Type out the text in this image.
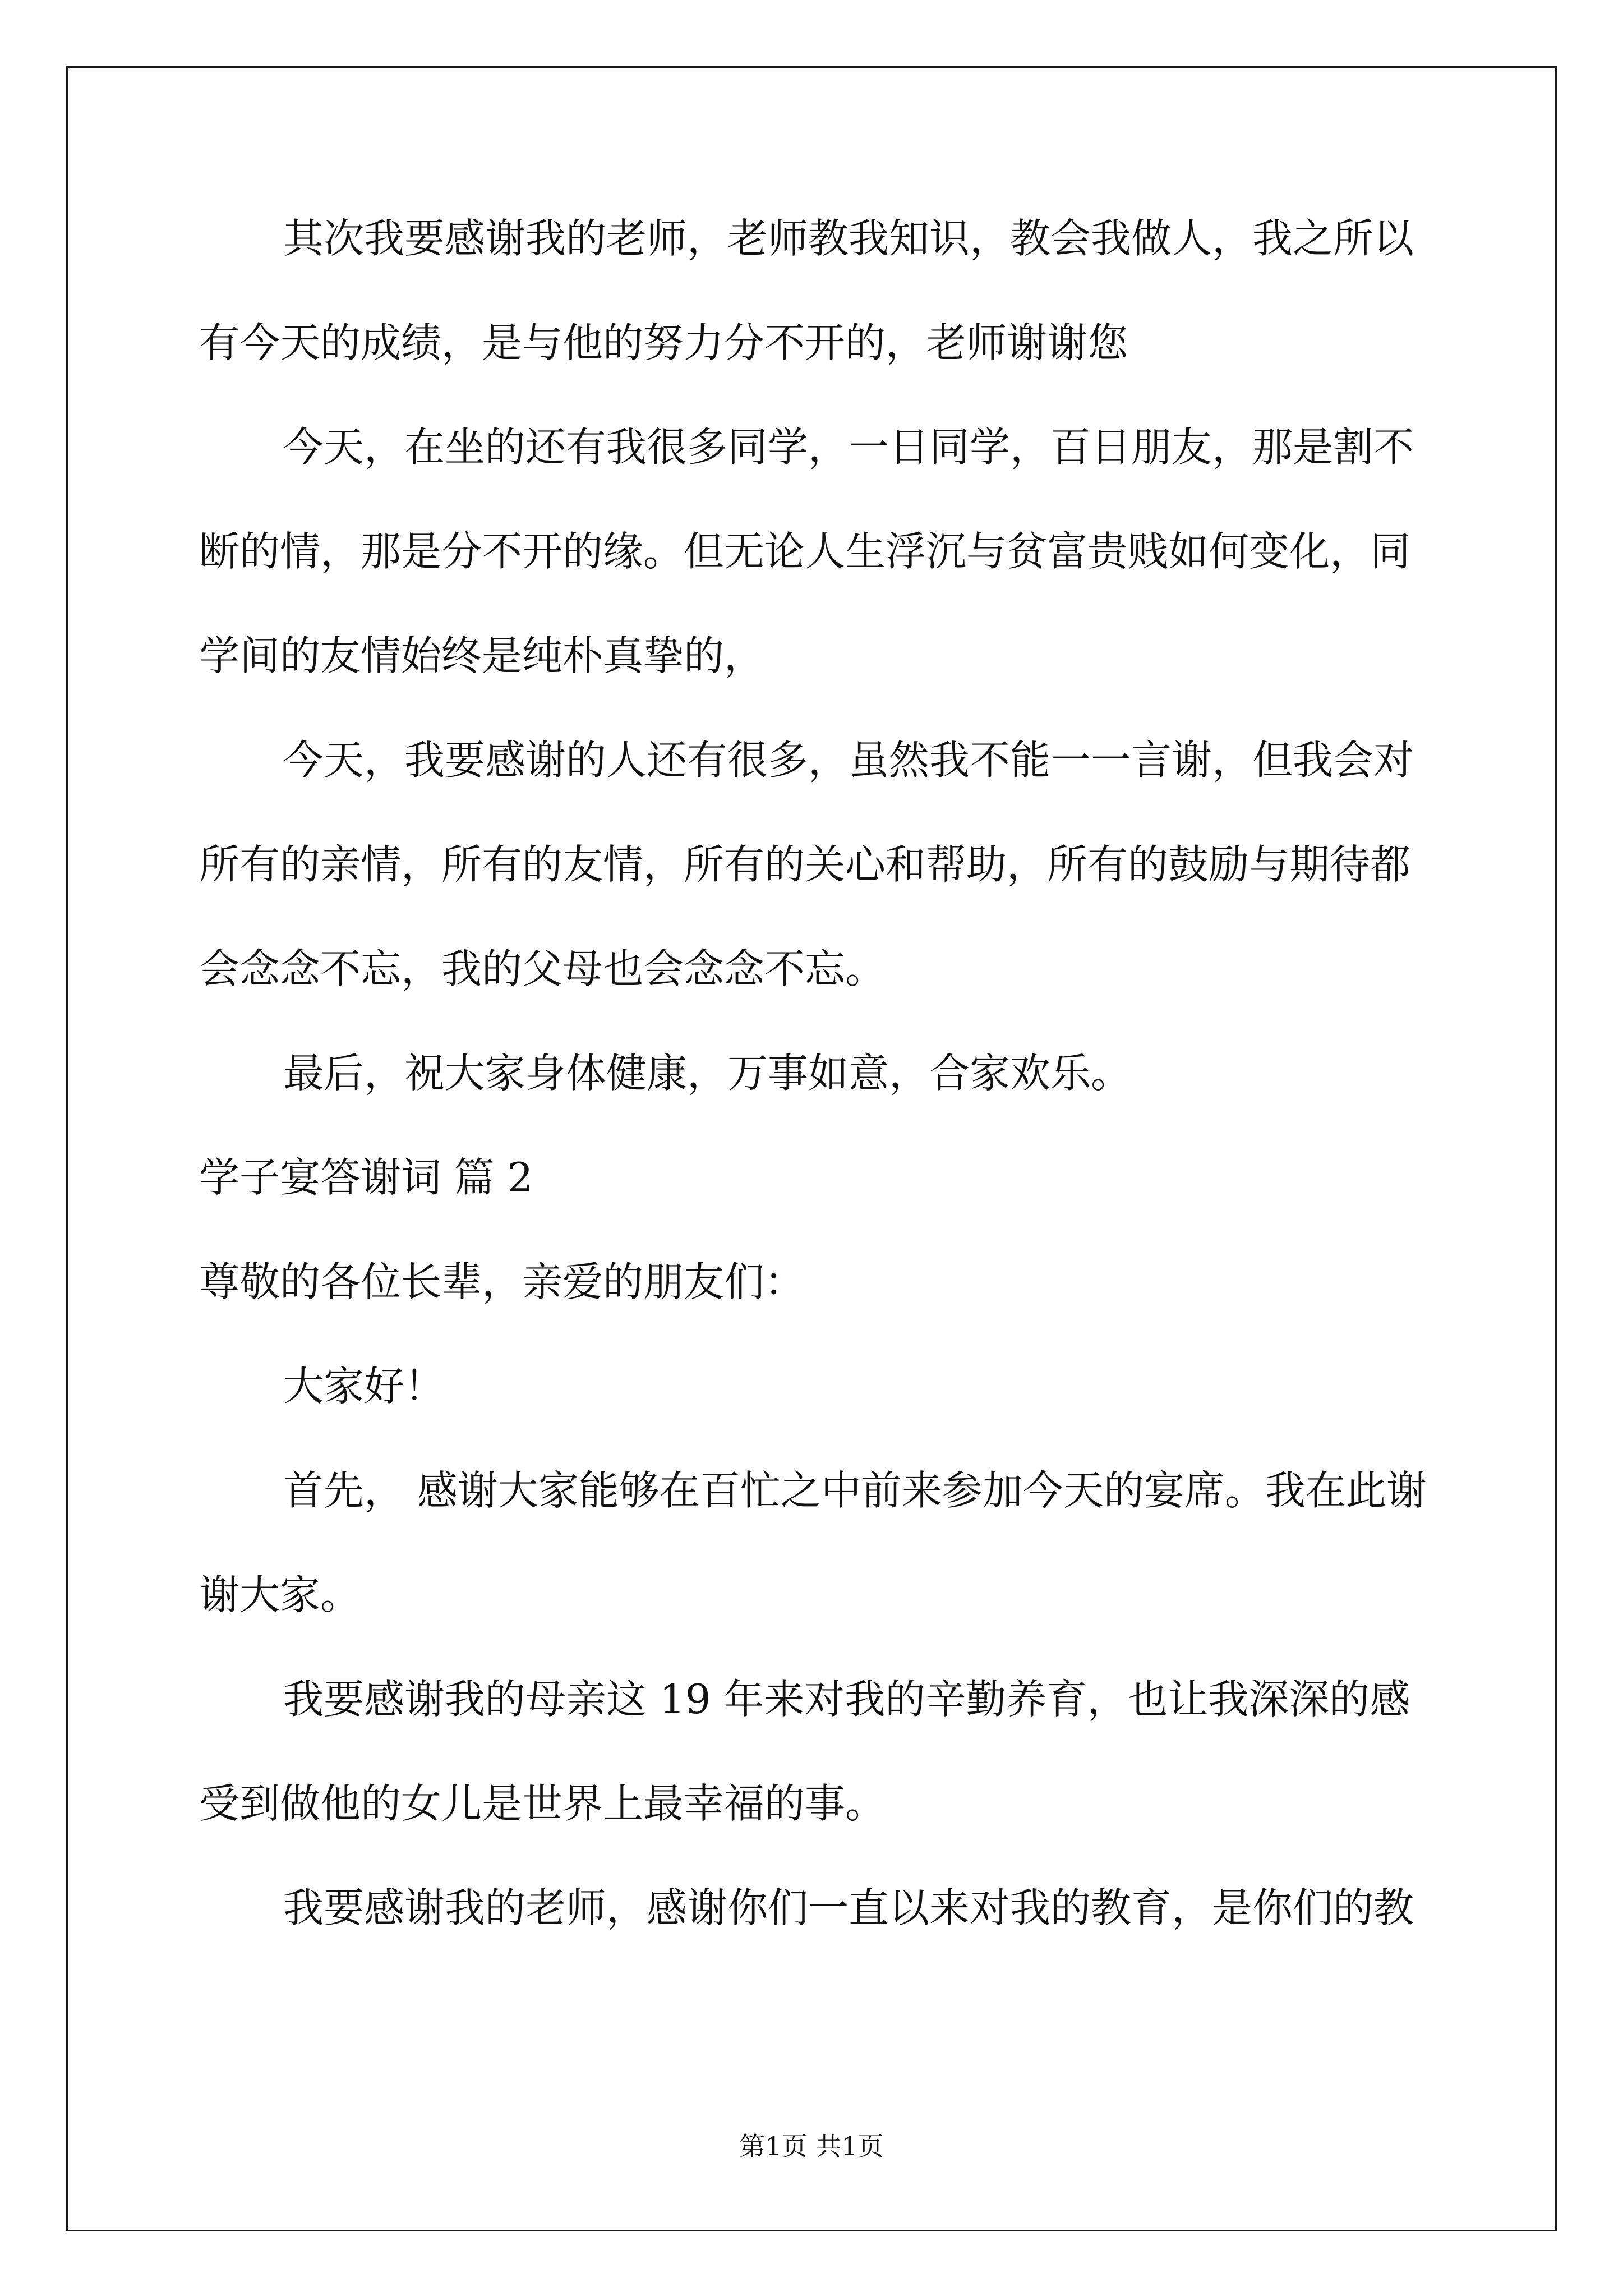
其次我要感谢我的老师，老师教我知识，教会我做人，我之所以
有今天的成绩，是与他的努力分不开的，老师谢谢您
今天，在坐的还有我很多同学，一日同学，百日朋友，那是割不
断的情，那是分不开的缘。但无论人生浮沉与贫富贵贱如何变化，同
学间的友情始终是纯朴真挚的，
今天，我要感谢的人还有很多，虽然我不能一一言谢，但我会对
所有的亲情，所有的友情，所有的关心和帮助，所有的鼓励与期待都
会念念不忘，我的父母也会念念不忘。
最后，祝大家身体健康，万事如意，合家欢乐。
学子宴答谢词 篇 2
尊敬的各位长辈，亲爱的朋友们：
大家好！
首先， 感谢大家能够在百忙之中前来参加今天的宴席。我在此谢
谢大家。
我要感谢我的母亲这 19 年来对我的辛勤养育，也让我深深的感
受到做他的女儿是世界上最幸福的事。
我要感谢我的老师，感谢你们一直以来对我的教育，是你们的教
第1页 共1页
